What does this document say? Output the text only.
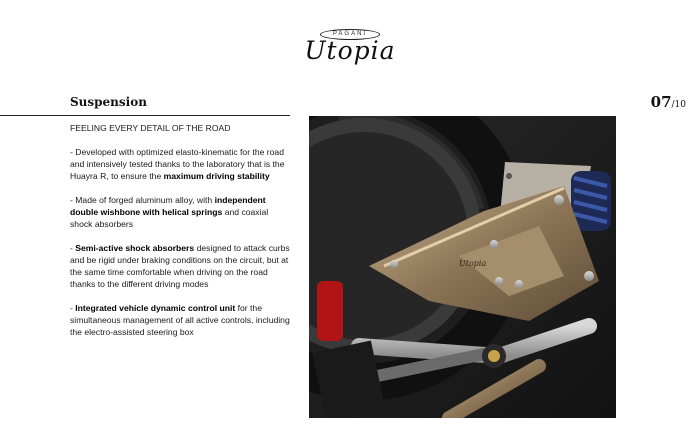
PAGANI
Utopia
Suspension	07/10

FEELING EVERY DETAIL OF THE ROAD

- Developed with optimized elasto-kinematic for the road and intensively tested thanks to the laboratory that is the Huayra R, to ensure the maximum driving stability

- Made of forged aluminum alloy, with independent double wishbone with helical springs and coaxial shock absorbers

- Semi-active shock absorbers designed to attack curbs and be rigid under braking conditions on the circuit, but at the same time comfortable when driving on the road thanks to the different driving modes

- Integrated vehicle dynamic control unit for the simultaneous management of all active controls, including the electro-assisted steering box

Utopia
